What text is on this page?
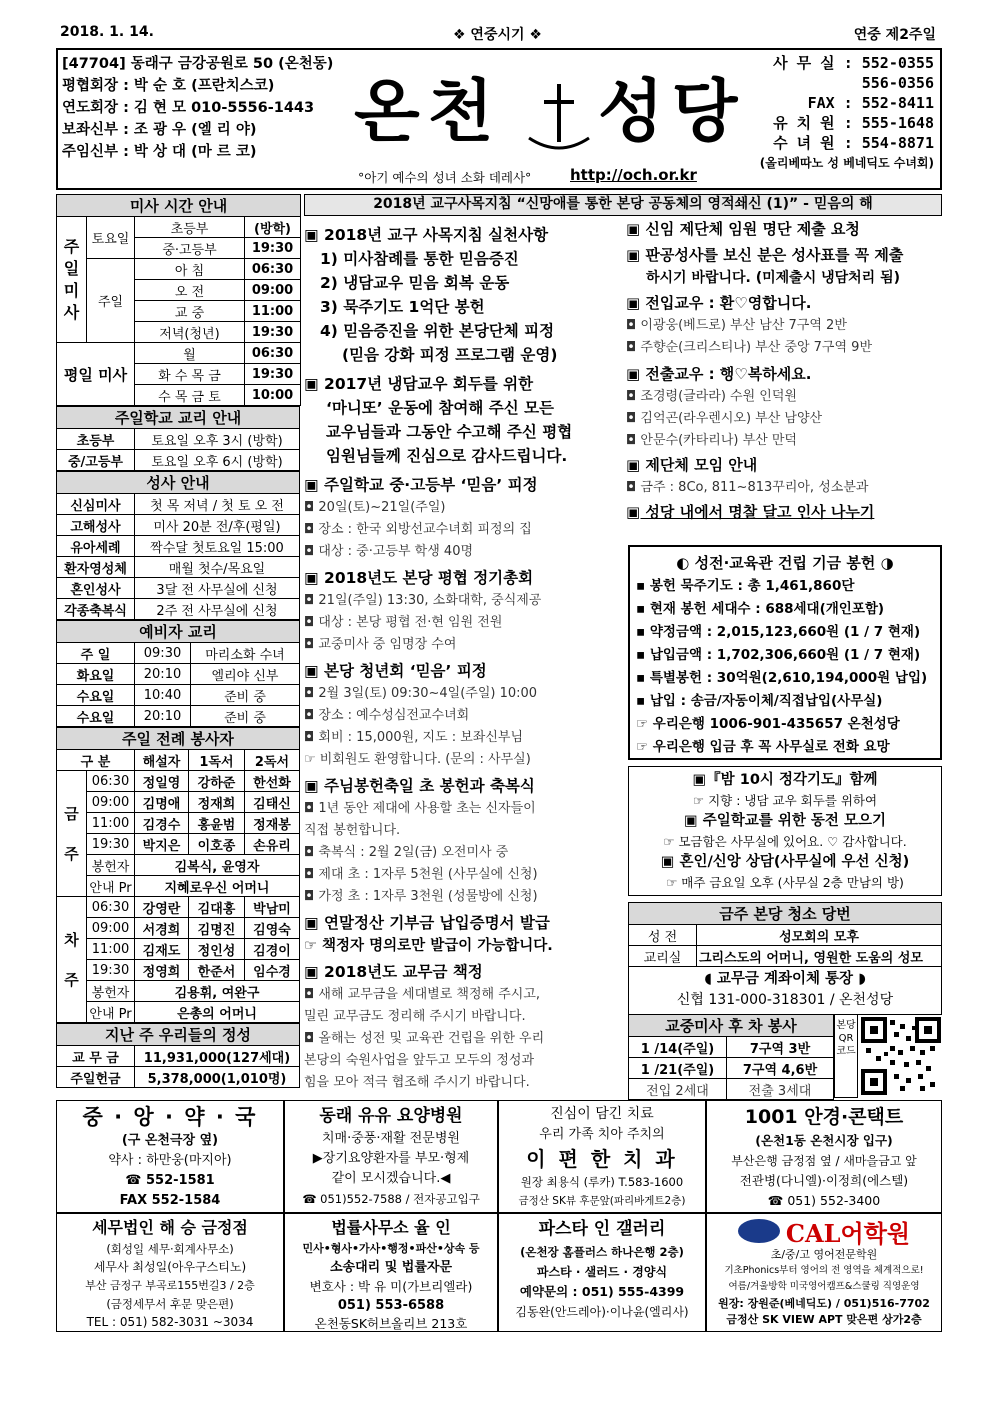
2018. 1. 14.	❖ 연중시기 ❖	연중 제2주일
[47704] 동래구 금강공원로 50 (온천동)
평협회장 : 박 순 호 (프란치스코)
연도회장 : 김 현 모 010-5556-1443
보좌신부 : 조 광 우 (엘 리 야)
주임신부 : 박 상 대 (마 르 코)	온천 성당
°아기 예수의 성녀 소화 데레사°	http://och.or.kr
사 무 실 : 552-0355
556-0356
FAX : 552-8411
유 치 원 : 555-1648
수 녀 원 : 554-8871
(올리베따노 성 베네딕도 수녀회)
미사 시간 안내			
주일미사	토요일	초등부	(방학)
		중·고등부	19:30
	주일	아 침	06:30
		오 전	09:00
		교 중	11:00
		저녁(청년)	19:30
평일 미사		월	06:30
		화 수 목 금	19:30
		수 목 금 토	10:00
주일학교 교리 안내	
초등부	토요일 오후 3시 (방학)
중/고등부	토요일 오후 6시 (방학)
성사 안내	
신심미사	첫 목 저녁 / 첫 토 오 전
고해성사	미사 20분 전/후(평일)
유아세례	짝수달 첫토요일 15:00
환자영성체	매월 첫수/목요일
혼인성사	3달 전 사무실에 신청
각종축복식	2주 전 사무실에 신청
예비자 교리		
주 일	09:30	마리소화 수녀
화요일	20:10	엘리야 신부
수요일	10:40	준비 중
수요일	20:10	준비 중
주일 전례 봉사자				
구 분		해설자	1독서	2독서
금주	06:30	정일영	강하준	한선화
	09:00	김명애	정재희	김태신
	11:00	김경수	홍윤범	정재봉
	19:30	박지은	이호종	손유리
	봉헌자	김복식, 윤영자		
	안내 Pr	지혜로우신 어머니		
차주	06:30	강영란	김대홍	박남미
	09:00	서경희	김명진	김영숙
	11:00	김재도	정인성	김경이
	19:30	정영희	한준서	임수경
	봉헌자	김용휘, 여완구		
	안내 Pr	은총의 어머니		
지난 주 우리들의 정성	
교 무 금	11,931,000(127세대)
주일헌금	5,378,000(1,010명)
2018년 교구사목지침 “신망애를 통한 본당 공동체의 영적쇄신 (1)” - 믿음의 해
▣ 2018년 교구 사목지침 실천사항
1) 미사참례를 통한 믿음증진
2) 냉담교우 믿음 회복 운동
3) 묵주기도 1억단 봉헌
4) 믿음증진을 위한 본당단체 피정
(믿음 강화 피정 프로그램 운영)
▣ 2017년 냉담교우 회두를 위한
‘마니또’ 운동에 참여해 주신 모든
교우님들과 그동안 수고해 주신 평협
임원님들께 진심으로 감사드립니다.
▣ 주일학교 중·고등부 ‘믿음’ 피정
◘ 20일(토)~21일(주일)
◘ 장소 : 한국 외방선교수녀회 피정의 집
◘ 대상 : 중·고등부 학생 40명
▣ 2018년도 본당 평협 정기총회
◘ 21일(주일) 13:30, 소화대학, 중식제공
◘ 대상 : 본당 평협 전·현 임원 전원
◘ 교중미사 중 임명장 수여
▣ 본당 청년회 ‘믿음’ 피정
◘ 2월 3일(토) 09:30~4일(주일) 10:00
◘ 장소 : 예수성심전교수녀회
◘ 회비 : 15,000원, 지도 : 보좌신부님
☞ 비회원도 환영합니다. (문의 : 사무실)
▣ 주님봉헌축일 초 봉헌과 축복식
◘ 1년 동안 제대에 사용할 초는 신자들이
직접 봉헌합니다.
◘ 축복식 : 2월 2일(금) 오전미사 중
◘ 제대 초 : 1자루 5천원 (사무실에 신청)
◘ 가정 초 : 1자루 3천원 (성물방에 신청)
▣ 연말정산 기부금 납입증명서 발급
☞ 책정자 명의로만 발급이 가능합니다.
▣ 2018년도 교무금 책정
◘ 새해 교무금을 세대별로 책정해 주시고,
밀린 교무금도 정리해 주시기 바랍니다.
◘ 올해는 성전 및 교육관 건립을 위한 우리
본당의 숙원사업을 앞두고 모두의 정성과
힘을 모아 적극 협조해 주시기 바랍니다.
▣ 신임 제단체 임원 명단 제출 요청
▣ 판공성사를 보신 분은 성사표를 꼭 제출
하시기 바랍니다. (미제출시 냉담처리 됨)
▣ 전입교우 : 환♡영합니다.
◘ 이광웅(베드로) 부산 남산 7구역 2반
◘ 주향순(크리스티나) 부산 중앙 7구역 9반
▣ 전출교우 : 행♡복하세요.
◘ 조경령(글라라) 수원 인덕원
◘ 김억곤(라우렌시오) 부산 남양산
◘ 안문수(카타리나) 부산 만덕
▣ 제단체 모임 안내
◘ 금주 : 8Co, 811~813꾸리아, 성소분과
▣ 성당 내에서 명찰 달고 인사 나누기
◐ 성전·교육관 건립 기금 봉헌 ◑
▪ 봉헌 묵주기도 : 총 1,461,860단
▪ 현재 봉헌 세대수 : 688세대(개인포함)
▪ 약정금액 : 2,015,123,660원 (1 / 7 현재)
▪ 납입금액 : 1,702,306,660원 (1 / 7 현재)
▪ 특별봉헌 : 30억원(2,610,194,000원 납입)
▪ 납입 : 송금/자동이체/직접납입(사무실)
☞ 우리은행 1006-901-435657 온천성당
☞ 우리은행 입금 후 꼭 사무실로 전화 요망
▣『밤 10시 정각기도』함께
☞ 지향 : 냉담 교우 회두를 위하여
▣ 주일학교를 위한 동전 모으기
☞ 모금함은 사무실에 있어요. ♡ 감사합니다.
▣ 혼인/신앙 상담(사무실에 우선 신청)
☞ 매주 금요일 오후 (사무실 2층 만남의 방)
금주 본당 청소 당번	
성 전	성모회의 모후
교리실	그리스도의 어머니, 영원한 도움의 성모
◖ 교무금 계좌이체 통장 ◗
신협 131-000-318301 / 온천성당
교중미사 후 차 봉사	
1 /14(주일)	7구역 3반
1 /21(주일)	7구역 4,6반
전입 2세대	전출 3세대
본당 QR 코드
중 · 앙 · 약 · 국
(구 온천극장 옆)
약사 : 하만웅(마지아)
☎ 552-1581
FAX 552-1584
동래 유유 요양병원
치매·중풍·재활 전문병원
▶장기요양환자를 부모·형제
같이 모시겠습니다.◀
☎ 051)552-7588 / 전자공고입구
진심이 담긴 치료
우리 가족 치아 주치의
이 편 한 치 과
원장 최용식 (루카) T.583-1600
금정산 SK뷰 후문앞(파리바게트2층)
1001 안경·콘택트
(온천1동 온천시장 입구)
부산은행 금정점 옆 / 새마을금고 앞
전관병(다니엘)·이정희(에스텔)
☎ 051) 552-3400
세무법인 해 승 금정점
(회성일 세무·회계사무소)
세무사 최성일(아우구스티노)
부산 금정구 부곡로155번길3 / 2층
(금정세무서 후문 맞은편)
TEL : 051) 582-3031 ~3034
법률사무소 율 인
민사•형사•가사•행정•파산•상속 등
소송대리 및 법률자문
변호사 : 박 유 미(가브리엘라)
051) 553-6588
온천동SK허브올리브 213호
파스타 인 갤러리
(온천장 홈플러스 하나은행 2층)
파스타 · 샐러드 · 경양식
예약문의 : 051) 555-4399
김동완(안드레아)·이나윤(엘리사)
CAL어학원
초/중/고 영어전문학원
기초Phonics부터 영어의 전 영역을 체계적으로!
여름/겨울방학 미국영어캠프&스쿨링 직영운영
원장: 장원준(베네딕도) / 051)516-7702
금정산 SK VIEW APT 맞은편 상가2층
